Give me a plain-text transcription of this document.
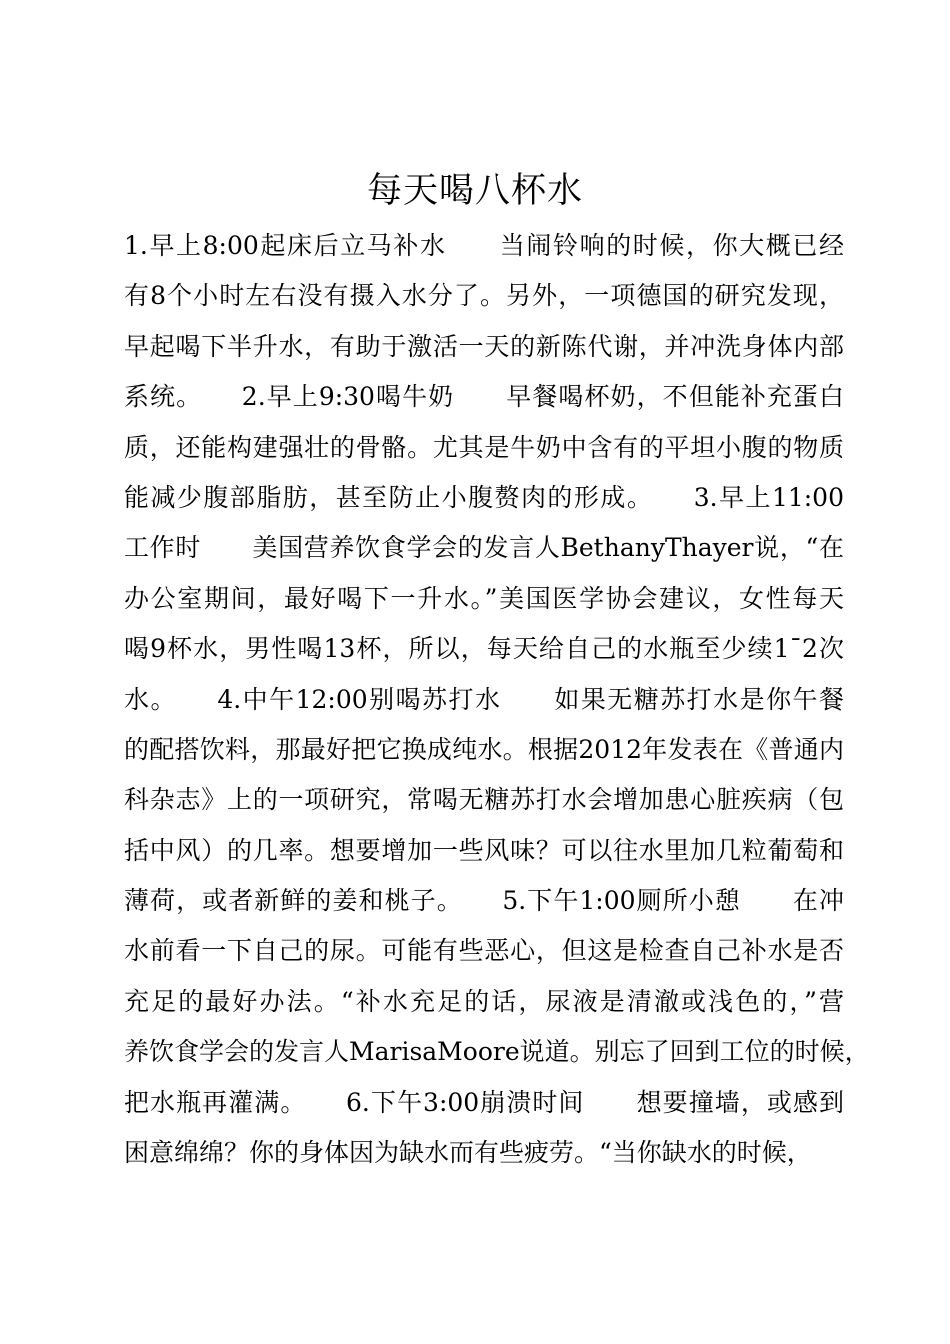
每天喝八杯水
1.早上8:00起床后立马补水　　当闹铃响的时候，你大概已经
有8个小时左右没有摄入水分了。另外，一项德国的研究发现，
早起喝下半升水，有助于激活一天的新陈代谢，并冲洗身体内部
系统。　　2.早上9:30喝牛奶　　早餐喝杯奶，不但能补充蛋白
质，还能构建强壮的骨骼。尤其是牛奶中含有的平坦小腹的物质
能减少腹部脂肪，甚至防止小腹赘肉的形成。　　3.早上11:00
工作时　　美国营养饮食学会的发言人BethanyThayer说，“在
办公室期间，最好喝下一升水。”美国医学协会建议，女性每天
喝9杯水，男性喝13杯，所以，每天给自己的水瓶至少续1¯2次
水。　　4.中午12:00别喝苏打水　　如果无糖苏打水是你午餐
的配搭饮料，那最好把它换成纯水。根据2012年发表在《普通内
科杂志》上的一项研究，常喝无糖苏打水会增加患心脏疾病（包
括中风）的几率。想要增加一些风味？可以往水里加几粒葡萄和
薄荷，或者新鲜的姜和桃子。　　5.下午1:00厕所小憩　　在冲
水前看一下自己的尿。可能有些恶心，但这是检查自己补水是否
充足的最好办法。“补水充足的话，尿液是清澈或浅色的，”营
养饮食学会的发言人MarisaMoore说道。别忘了回到工位的时候，
把水瓶再灌满。　　6.下午3:00崩溃时间　　想要撞墙，或感到
困意绵绵？你的身体因为缺水而有些疲劳。“当你缺水的时候，
